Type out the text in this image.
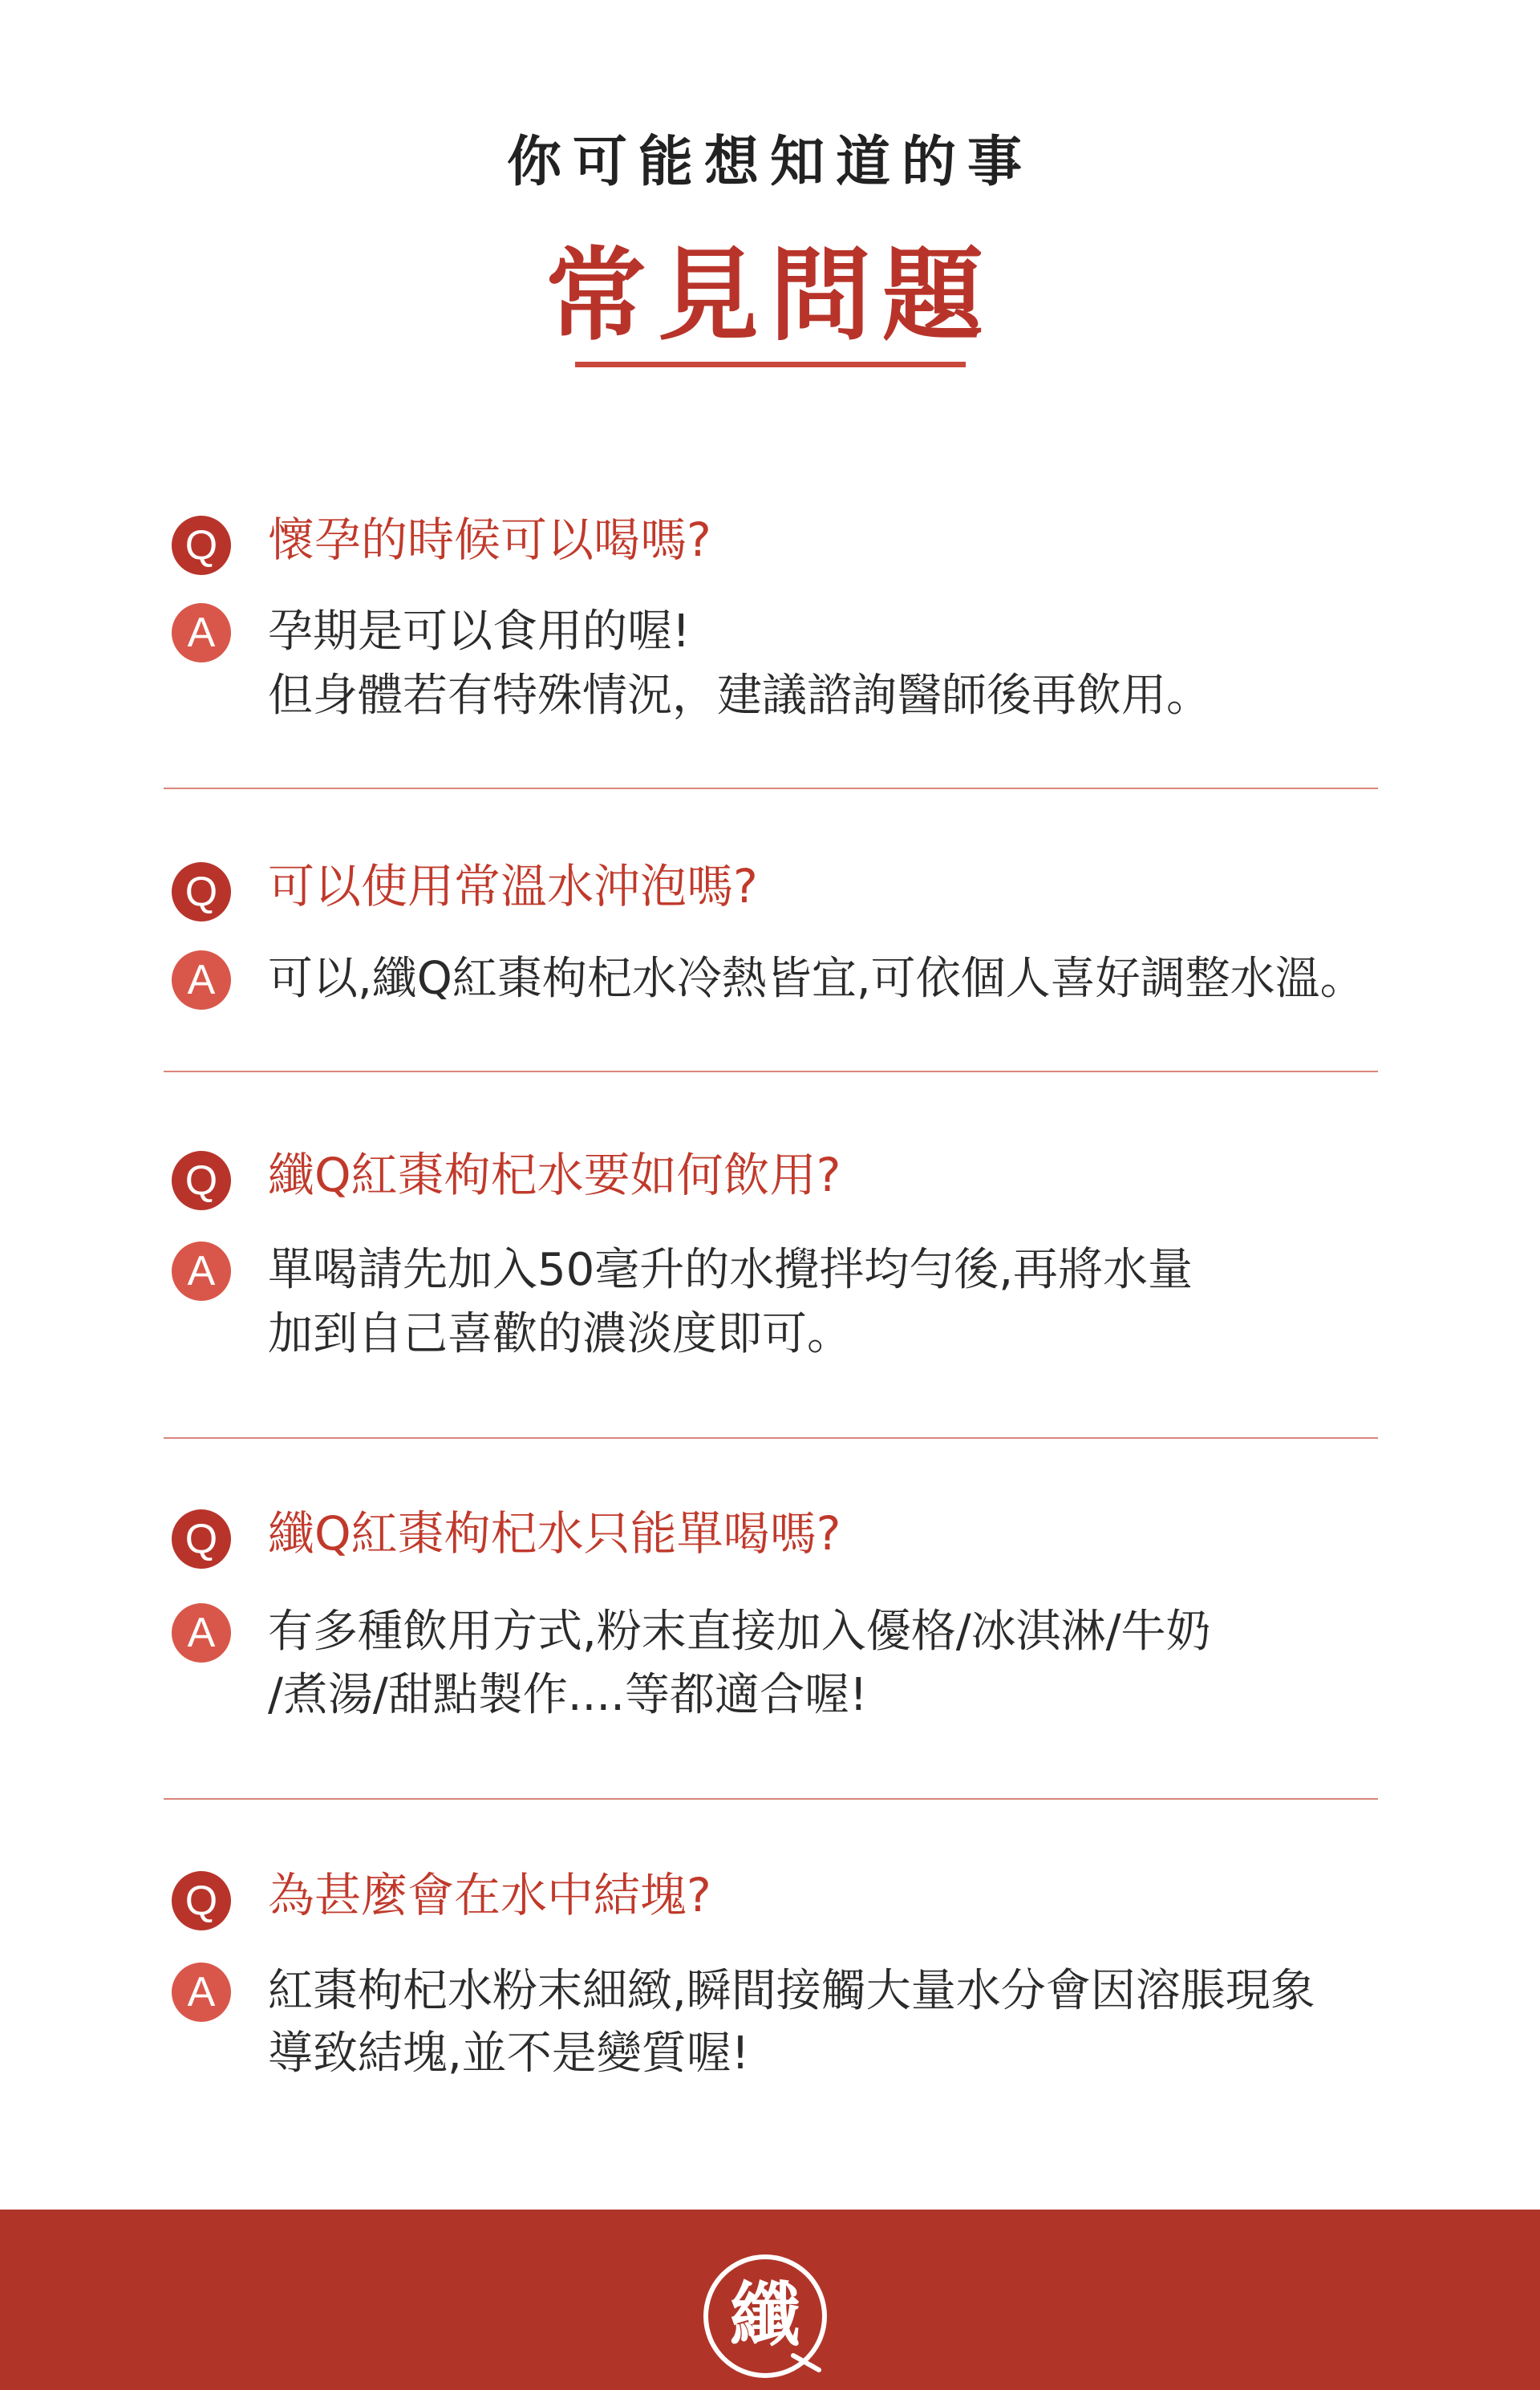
你可能想知道的事
常見問題
Q 懷孕的時候可以喝嗎?
A	孕期是可以食用的喔!
但身體若有特殊情況，建議諮詢醫師後再飲用。
Q 可以使用常溫水沖泡嗎?
A	可以,纖Q紅棗枸杞水冷熱皆宜,可依個人喜好調整水溫。
Q 纖Q紅棗枸杞水要如何飲用?
A	單喝請先加入50毫升的水攪拌均勻後,再將水量
加到自己喜歡的濃淡度即可。
Q 纖Q紅棗枸杞水只能單喝嗎?
A	有多種飲用方式,粉末直接加入優格/冰淇淋/牛奶
/煮湯/甜點製作....等都適合喔!
Q 為甚麼會在水中結塊?
A	紅棗枸杞水粉末細緻,瞬間接觸大量水分會因溶脹現象
導致結塊,並不是變質喔!
纖
